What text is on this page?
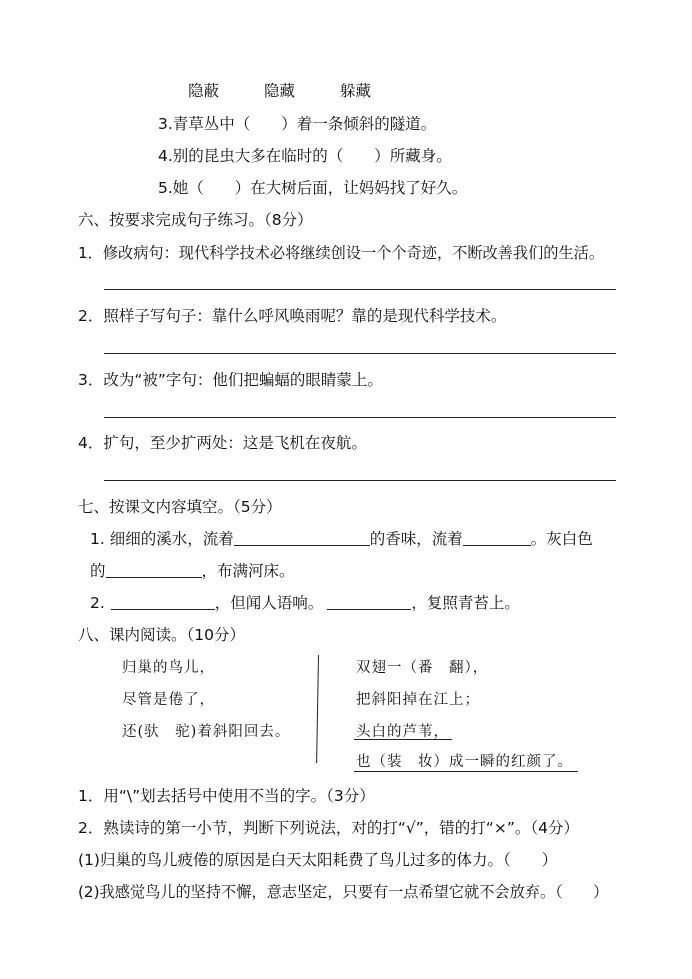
隐蔽	隐藏	躲藏
3.青草丛中（　　）着一条倾斜的隧道。
4.别的昆虫大多在临时的（　　）所藏身。
5.她（　　）在大树后面，让妈妈找了好久。
六、按要求完成句子练习。（8分）
1．修改病句：现代科学技术必将继续创设一个个奇迹，不断改善我们的生活。
2．照样子写句子：靠什么呼风唤雨呢？靠的是现代科学技术。
3．改为“被”字句：他们把蝙蝠的眼睛蒙上。
4．扩句，至少扩两处：这是飞机在夜航。
七、按课文内容填空。（5分）
1. 细细的溪水，流着	的香味，流着	。灰白色
的	，布满河床。
2.	，但闻人语响。	，复照青苔上。
八、课内阅读。（10分）
归巢的鸟儿，
尽管是倦了，
还(驮　驼)着斜阳回去。
双翅一（番　翻），
把斜阳掉在江上；
头白的芦苇，
也（装　妆）成一瞬的红颜了。
1．用“\”划去括号中使用不当的字。（3分）
2．熟读诗的第一小节，判断下列说法，对的打“√”，错的打“×”。（4分）
(1)归巢的鸟儿疲倦的原因是白天太阳耗费了鸟儿过多的体力。（　　）
(2)我感觉鸟儿的坚持不懈，意志坚定，只要有一点希望它就不会放弃。（　　）
